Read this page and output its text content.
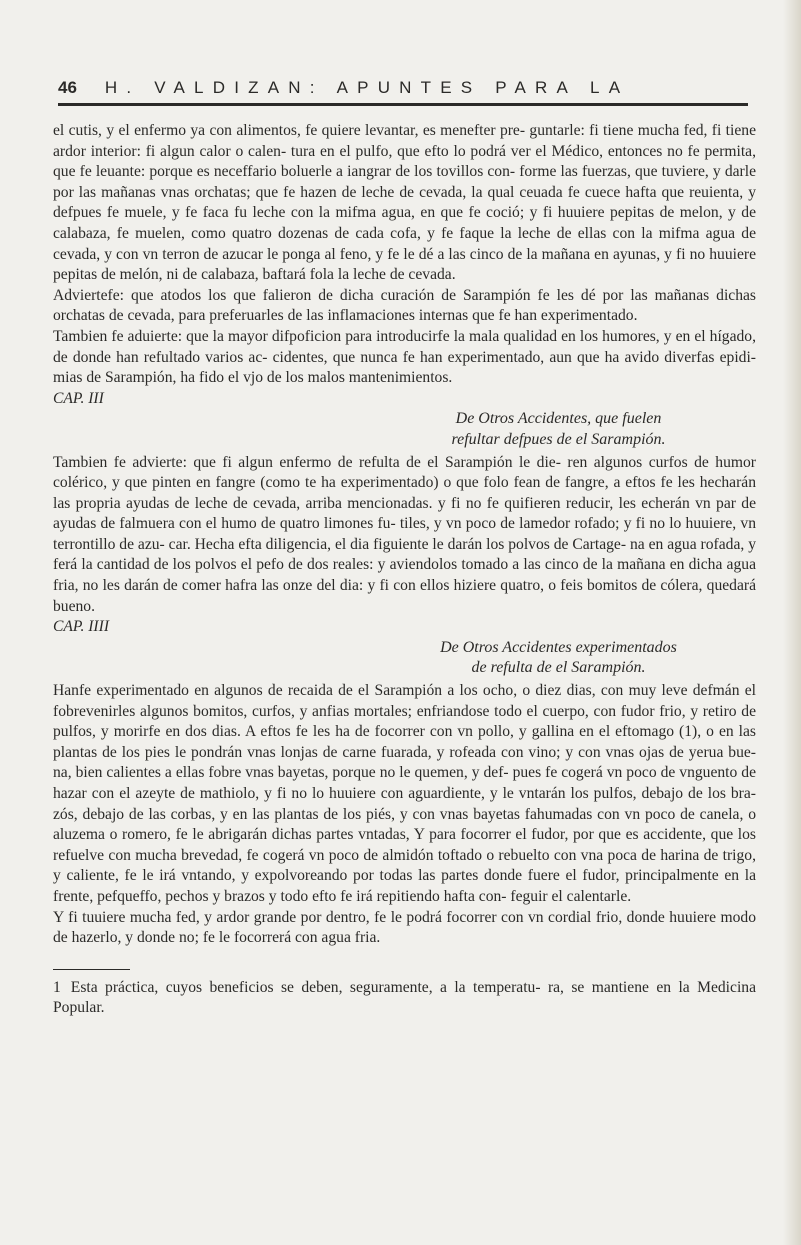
46 H. VALDIZAN: APUNTES PARA LA

el cutis, y el enfermo ya con alimentos, fe quiere levantar, es menefter pre- guntarle: fi tiene mucha fed, fi tiene ardor interior: fi algun calor o calen- tura en el pulfo, que efto lo podrá ver el Médico, entonces no fe permita, que fe leuante: porque es neceffario boluerle a iangrar de los tovillos con- forme las fuerzas, que tuviere, y darle por las mañanas vnas orchatas; que fe hazen de leche de cevada, la qual ceuada fe cuece hafta que reuienta, y defpues fe muele, y fe faca fu leche con la mifma agua, en que fe coció; y fi huuiere pepitas de melon, y de calabaza, fe muelen, como quatro dozenas de cada cofa, y fe faque la leche de ellas con la mifma agua de cevada, y con vn terron de azucar le ponga al feno, y fe le dé a las cinco de la mañana en ayunas, y fi no huuiere pepitas de melón, ni de calabaza, baftará fola la leche de cevada.

Adviertefe: que atodos los que falieron de dicha curación de Sarampión fe les dé por las mañanas dichas orchatas de cevada, para preferuarles de las inflamaciones internas que fe han experimentado.

Tambien fe aduierte: que la mayor difpoficion para introducirfe la mala qualidad en los humores, y en el hígado, de donde han refultado varios ac- cidentes, que nunca fe han experimentado, aun que ha avido diverfas epidi- mias de Sarampión, ha fido el vjo de los malos mantenimientos.

CAP. III

De Otros Accidentes, que fuelen
refultar defpues de el Sarampión.

Tambien fe advierte: que fi algun enfermo de refulta de el Sarampión le die- ren algunos curfos de humor colérico, y que pinten en fangre (como te ha experimentado) o que folo fean de fangre, a eftos fe les hecharán las propria ayudas de leche de cevada, arriba mencionadas. y fi no fe quifieren reducir, les echerán vn par de ayudas de falmuera con el humo de quatro limones fu- tiles, y vn poco de lamedor rofado; y fi no lo huuiere, vn terrontillo de azu- car. Hecha efta diligencia, el dia figuiente le darán los polvos de Cartage- na en agua rofada, y ferá la cantidad de los polvos el pefo de dos reales: y aviendolos tomado a las cinco de la mañana en dicha agua fria, no les darán de comer hafra las onze del dia: y fi con ellos hiziere quatro, o feis bomitos de cólera, quedará bueno.

CAP. IIII

De Otros Accidentes experimentados
de refulta de el Sarampión.

Hanfe experimentado en algunos de recaida de el Sarampión a los ocho, o diez dias, con muy leve defmán el fobrevenirles algunos bomitos, curfos, y anfias mortales; enfriandose todo el cuerpo, con fudor frio, y retiro de pulfos, y morirfe en dos dias. A eftos fe les ha de focorrer con vn pollo, y gallina en el eftomago (1), o en las plantas de los pies le pondrán vnas lonjas de carne fuarada, y rofeada con vino; y con vnas ojas de yerua bue- na, bien calientes a ellas fobre vnas bayetas, porque no le quemen, y def- pues fe cogerá vn poco de vnguento de hazar con el azeyte de mathiolo, y fi no lo huuiere con aguardiente, y le vntarán los pulfos, debajo de los bra- zós, debajo de las corbas, y en las plantas de los piés, y con vnas bayetas fahumadas con vn poco de canela, o aluzema o romero, fe le abrigarán dichas partes vntadas, Y para focorrer el fudor, por que es accidente, que los refuelve con mucha brevedad, fe cogerá vn poco de almidón toftado o rebuelto con vna poca de harina de trigo, y caliente, fe le irá vntando, y expolvoreando por todas las partes donde fuere el fudor, principalmente en la frente, pefqueffo, pechos y brazos y todo efto fe irá repitiendo hafta con- feguir el calentarle.

Y fi tuuiere mucha fed, y ardor grande por dentro, fe le podrá focorrer con vn cordial frio, donde huuiere modo de hazerlo, y donde no; fe le focorrerá con agua fria.

1 Esta práctica, cuyos beneficios se deben, seguramente, a la temperatu- ra, se mantiene en la Medicina Popular.
